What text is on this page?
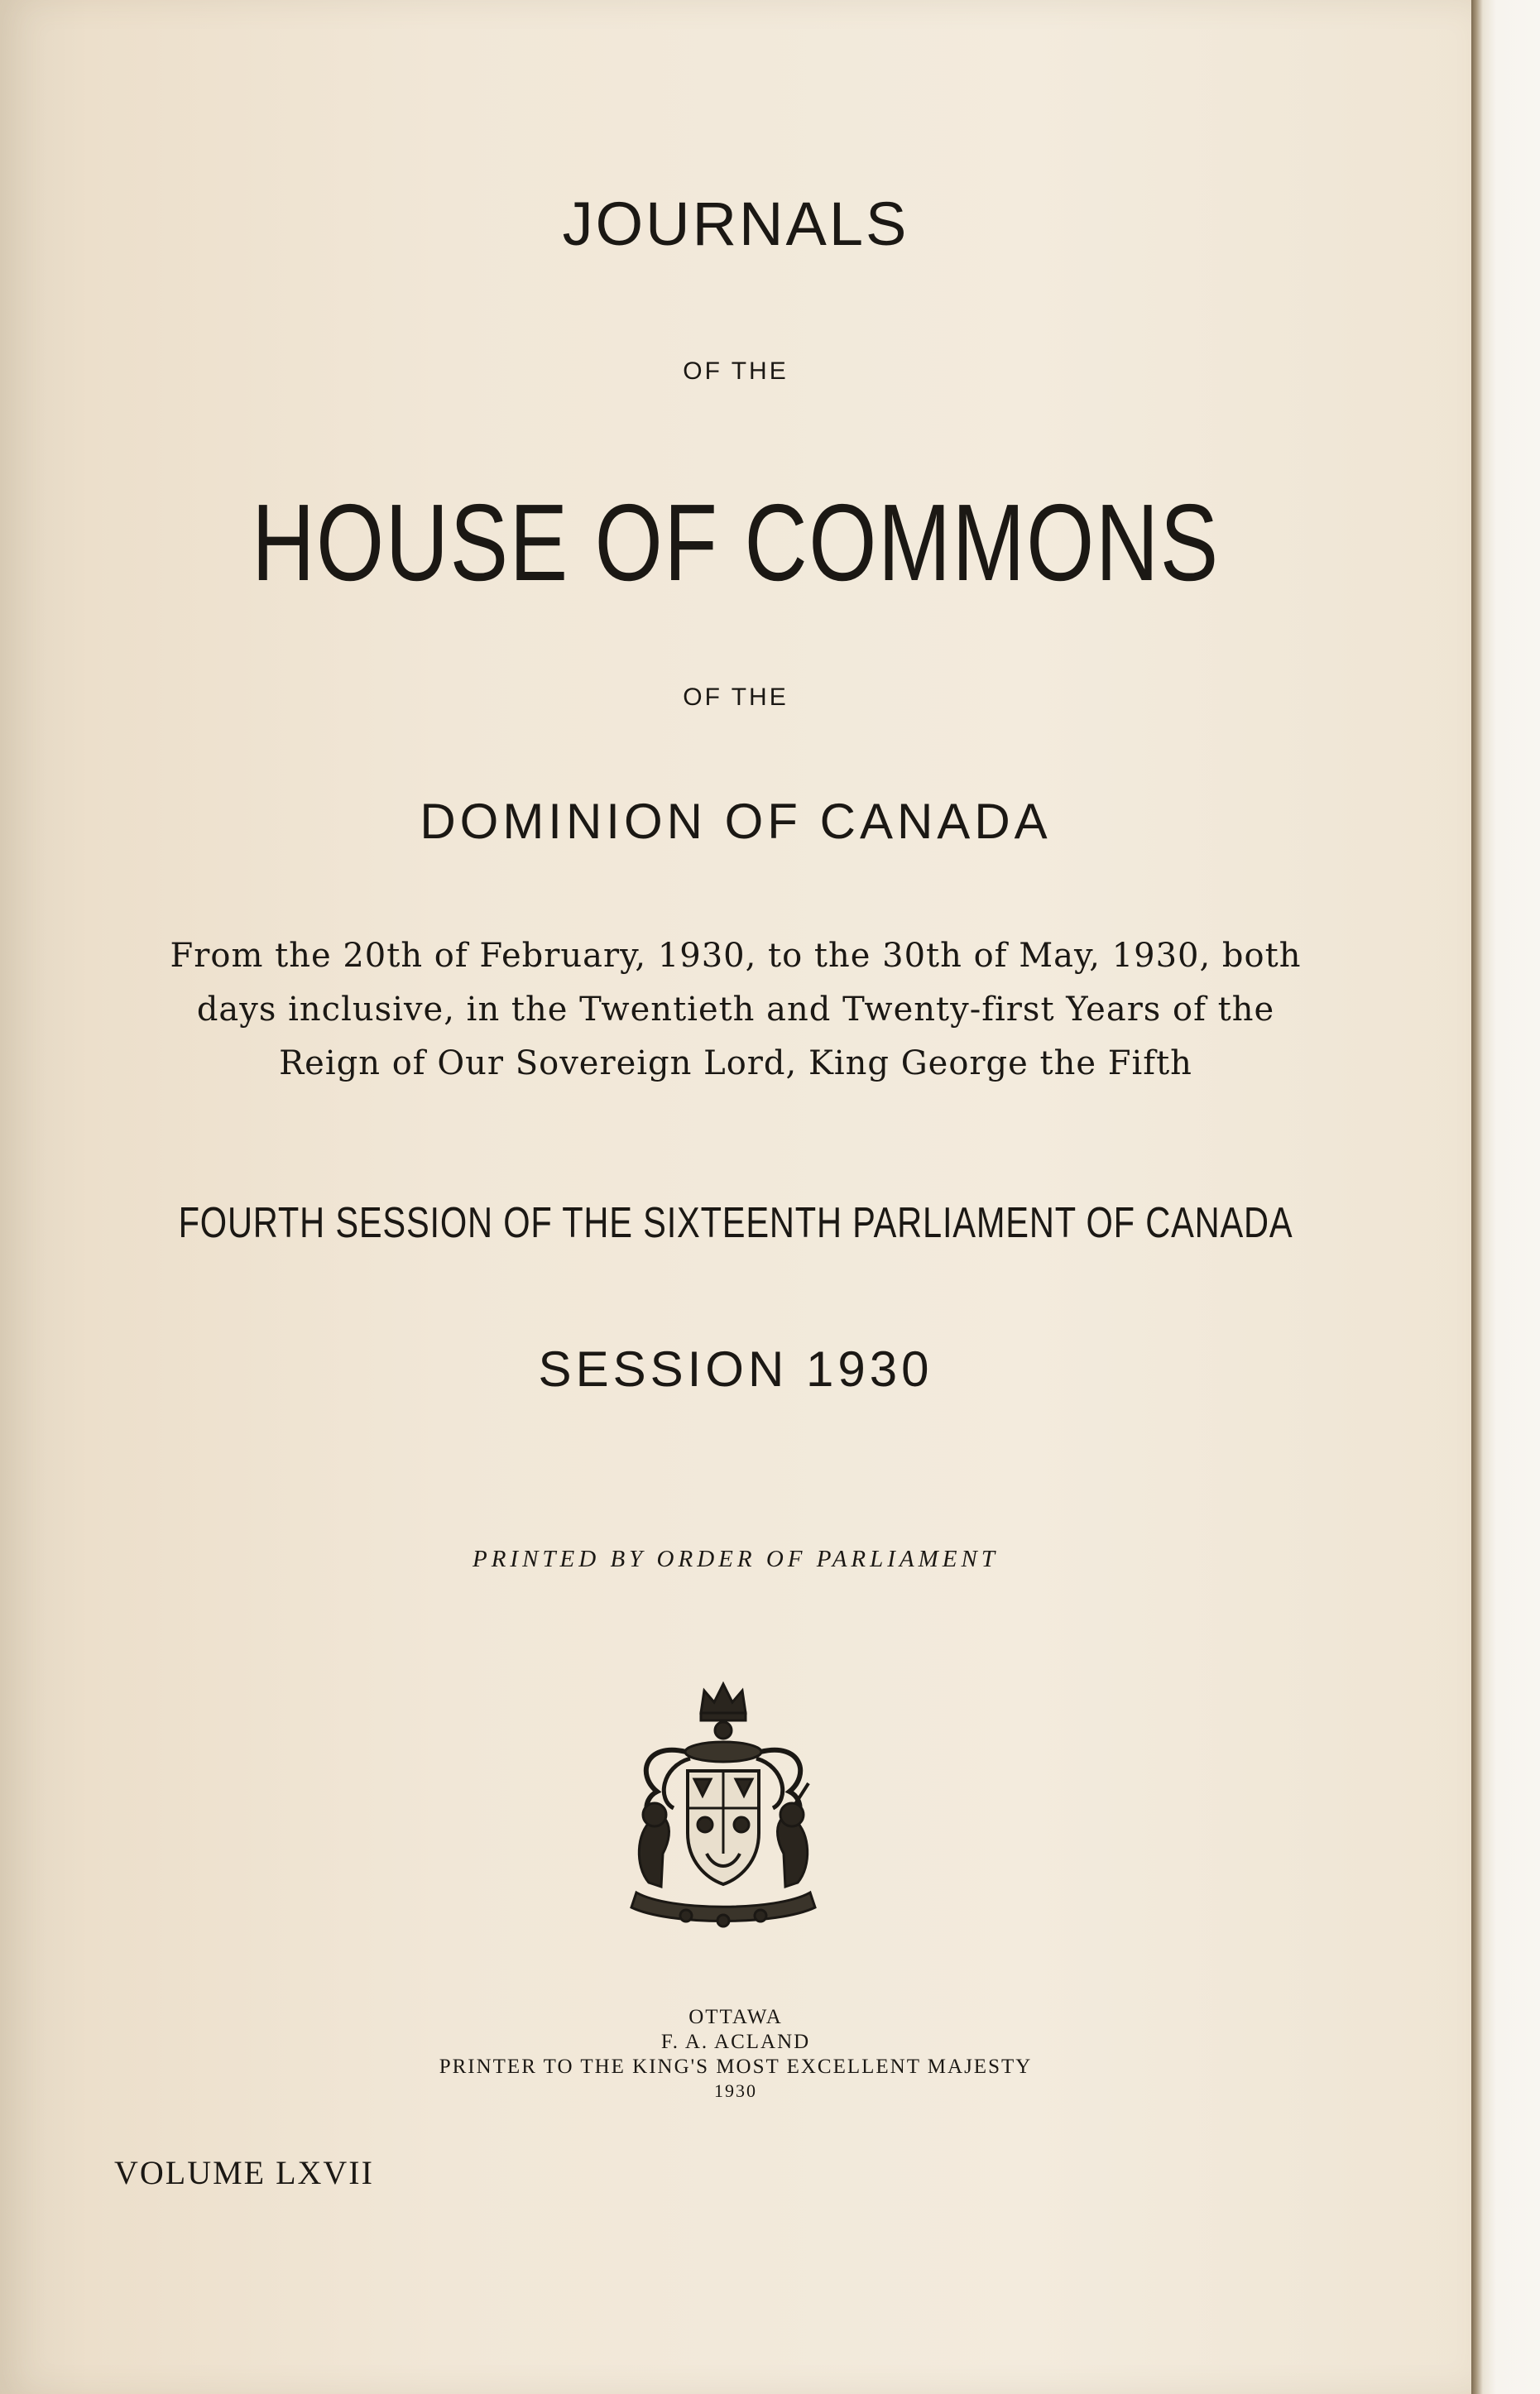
JOURNALS
OF THE
HOUSE OF COMMONS
OF THE
DOMINION OF CANADA
From the 20th of February, 1930, to the 30th of May, 1930, both
days inclusive, in the Twentieth and Twenty-first Years of the
Reign of Our Sovereign Lord, King George the Fifth
FOURTH SESSION OF THE SIXTEENTH PARLIAMENT OF CANADA
SESSION 1930
PRINTED BY ORDER OF PARLIAMENT
OTTAWA
F. A. ACLAND
PRINTER TO THE KING'S MOST EXCELLENT MAJESTY
1930
VOLUME LXVII
